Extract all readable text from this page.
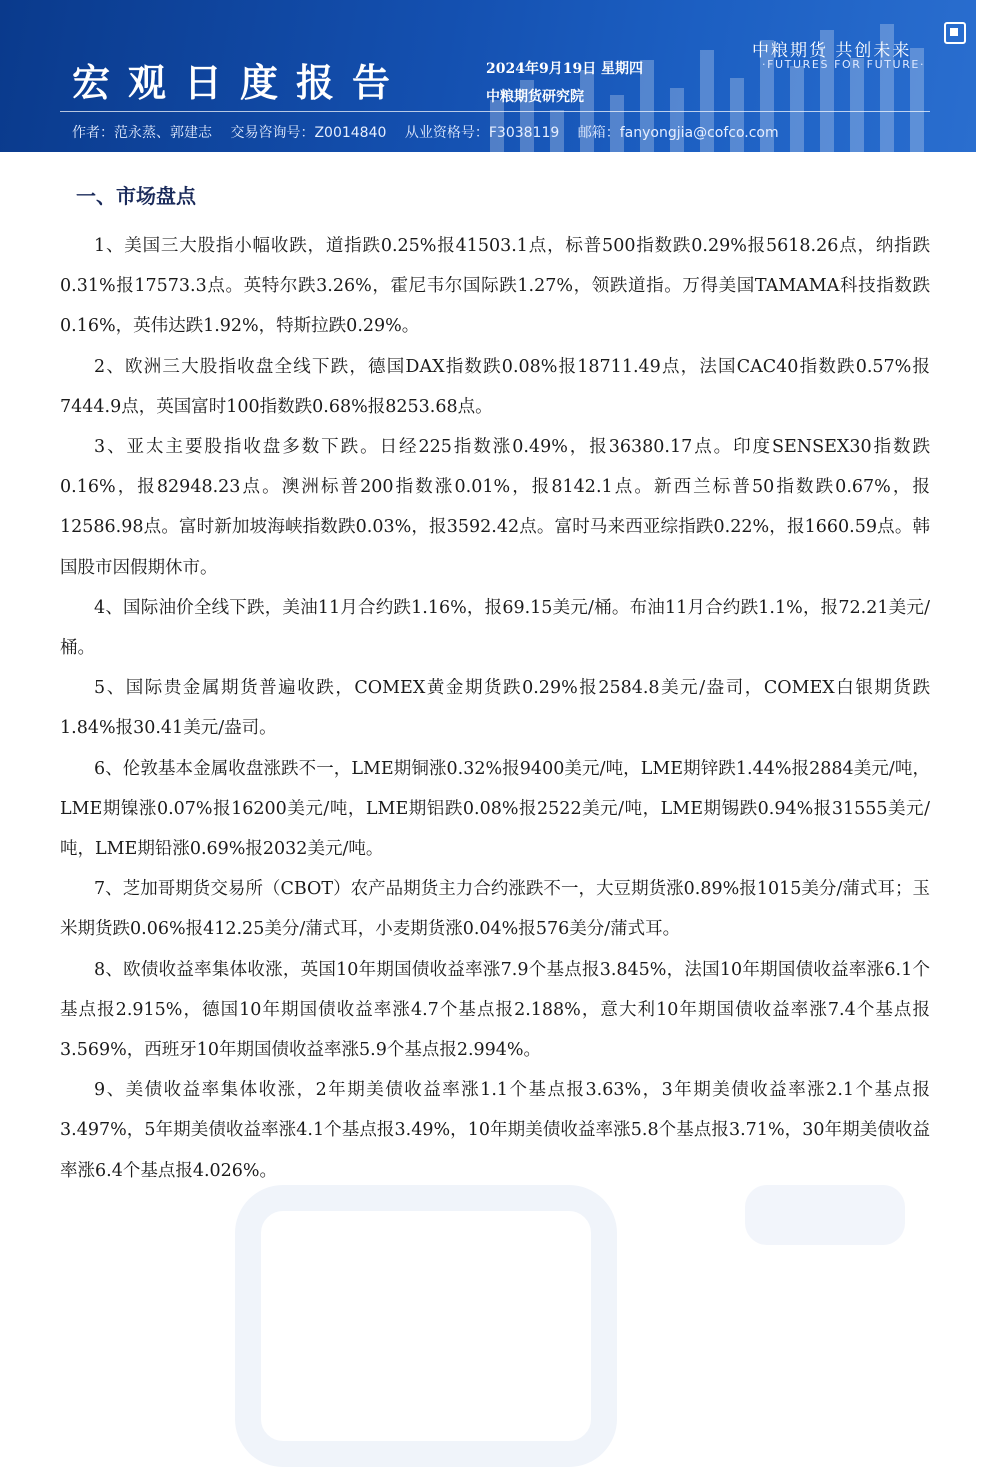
宏观日度报告	2024年9月19日 星期四
中粮期货研究院
中粮期货 共创未来
·FUTURES FOR FUTURE·
作者：范永蒸、郭建志 交易咨询号：Z0014840 从业资格号：F3038119 邮箱：fanyongjia@cofco.com
一、市场盘点

1、美国三大股指小幅收跌，道指跌0.25%报41503.1点，标普500指数跌0.29%报5618.26点，纳指跌0.31%报17573.3点。英特尔跌3.26%，霍尼韦尔国际跌1.27%，领跌道指。万得美国TAMAMA科技指数跌0.16%，英伟达跌1.92%，特斯拉跌0.29%。

2、欧洲三大股指收盘全线下跌，德国DAX指数跌0.08%报18711.49点，法国CAC40指数跌0.57%报7444.9点，英国富时100指数跌0.68%报8253.68点。

3、亚太主要股指收盘多数下跌。日经225指数涨0.49%，报36380.17点。印度SENSEX30指数跌0.16%，报82948.23点。澳洲标普200指数涨0.01%，报8142.1点。新西兰标普50指数跌0.67%，报12586.98点。富时新加坡海峡指数跌0.03%，报3592.42点。富时马来西亚综指跌0.22%，报1660.59点。韩国股市因假期休市。

4、国际油价全线下跌，美油11月合约跌1.16%，报69.15美元/桶。布油11月合约跌1.1%，报72.21美元/桶。

5、国际贵金属期货普遍收跌，COMEX黄金期货跌0.29%报2584.8美元/盎司，COMEX白银期货跌1.84%报30.41美元/盎司。

6、伦敦基本金属收盘涨跌不一，LME期铜涨0.32%报9400美元/吨，LME期锌跌1.44%报2884美元/吨，LME期镍涨0.07%报16200美元/吨，LME期铝跌0.08%报2522美元/吨，LME期锡跌0.94%报31555美元/吨，LME期铅涨0.69%报2032美元/吨。

7、芝加哥期货交易所（CBOT）农产品期货主力合约涨跌不一，大豆期货涨0.89%报1015美分/蒲式耳；玉米期货跌0.06%报412.25美分/蒲式耳，小麦期货涨0.04%报576美分/蒲式耳。

8、欧债收益率集体收涨，英国10年期国债收益率涨7.9个基点报3.845%，法国10年期国债收益率涨6.1个基点报2.915%，德国10年期国债收益率涨4.7个基点报2.188%，意大利10年期国债收益率涨7.4个基点报3.569%，西班牙10年期国债收益率涨5.9个基点报2.994%。

9、美债收益率集体收涨，2年期美债收益率涨1.1个基点报3.63%，3年期美债收益率涨2.1个基点报3.497%，5年期美债收益率涨4.1个基点报3.49%，10年期美债收益率涨5.8个基点报3.71%，30年期美债收益率涨6.4个基点报4.026%。
